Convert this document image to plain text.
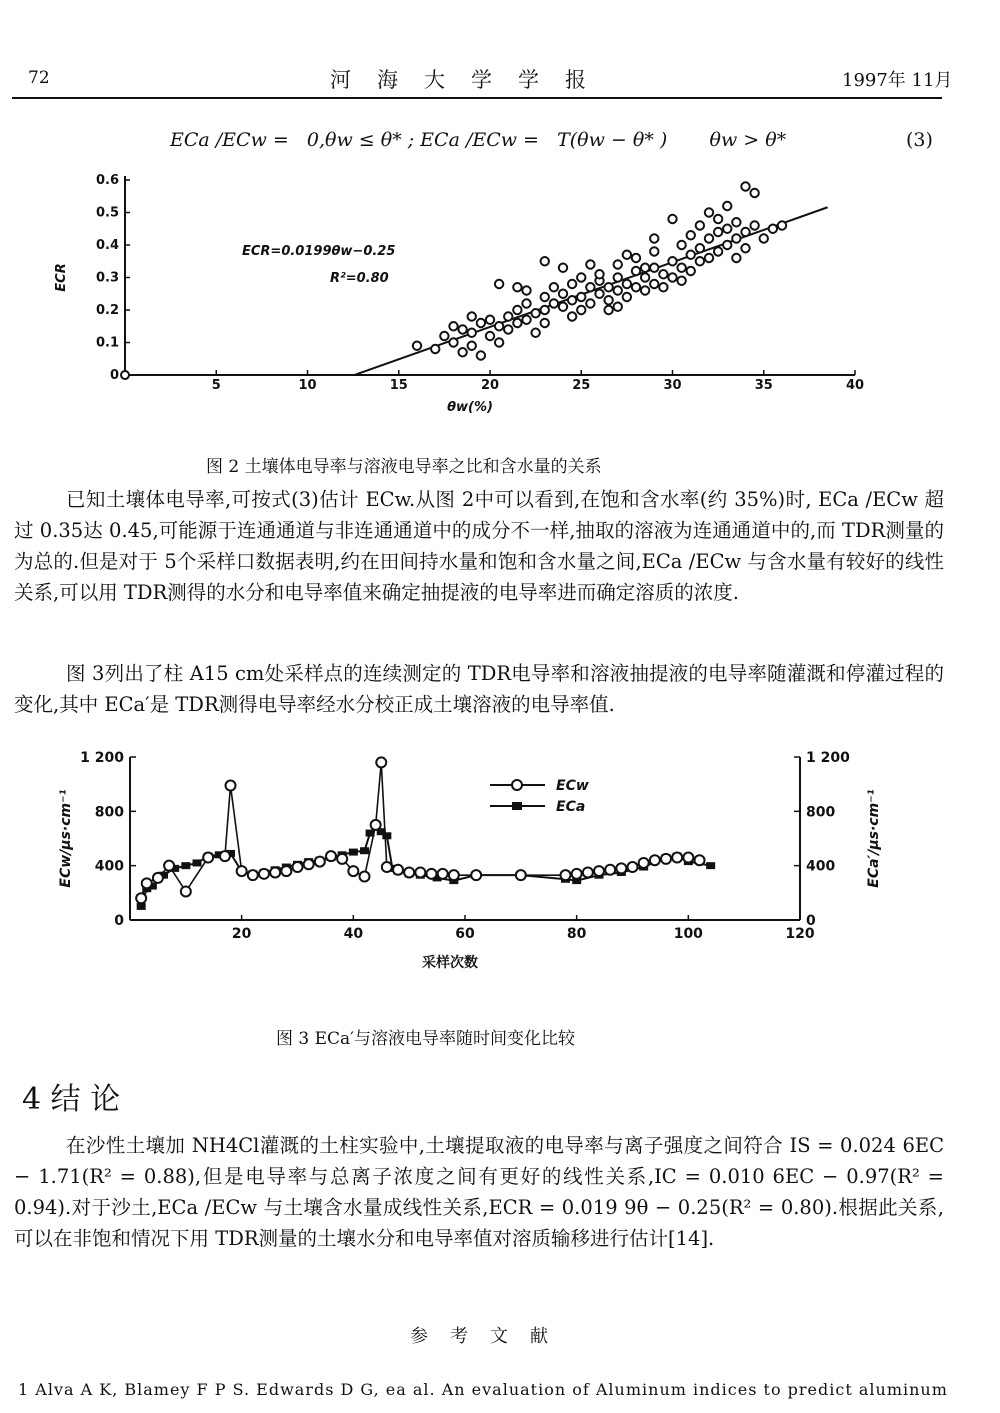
72	河海大学学报	1997年 11月
ECa /ECw =   0,θw ≤ θ* ; ECa /ECw =   T(θw − θ* )       θw > θ*	(3)
5	10	15	20	25	30	35	40
0
0.1
0.2
0.3
0.4
0.5
0.6
ECR
θw(%)
ECR=0.0199θw−0.25
R²=0.80
图 2 土壤体电导率与溶液电导率之比和含水量的关系

已知土壤体电导率,可按式(3)估计 ECw.从图 2中可以看到,在饱和含水率(约 35%)时, ECa /ECw 超过 0.35达 0.45,可能源于连通通道与非连通通道中的成分不一样,抽取的溶液为连通通道中的,而 TDR测量的为总的.但是对于 5个采样口数据表明,约在田间持水量和饱和含水量之间,ECa /ECw 与含水量有较好的线性关系,可以用 TDR测得的水分和电导率值来确定抽提液的电导率进而确定溶质的浓度.

图 3列出了柱 A15 cm处采样点的连续测定的 TDR电导率和溶液抽提液的电导率随灌溉和停灌过程的变化,其中 ECa′是 TDR测得电导率经水分校正成土壤溶液的电导率值.

20	40	60	80	100	120
0
400
800
1 200
0
400
800
1 200
ECw/μs·cm⁻¹	ECa′/μs·cm⁻¹
采样次数
ECw
ECa
图 3 ECa′与溶液电导率随时间变化比较
4 结 论

在沙性土壤加 NH4Cl灌溉的土柱实验中,土壤提取液的电导率与离子强度之间符合 IS = 0.024 6EC − 1.71(R² = 0.88),但是电导率与总离子浓度之间有更好的线性关系,IC = 0.010 6EC − 0.97(R² = 0.94).对于沙土,ECa /ECw 与土壤含水量成线性关系,ECR = 0.019 9θ − 0.25(R² = 0.80).根据此关系,可以在非饱和情况下用 TDR测量的土壤水分和电导率值对溶质输移进行估计[14].

参考文献
1 Alva A K, Blamey F P S. Edwards D G, ea al. An evaluation of Aluminum indices to predict aluminum
